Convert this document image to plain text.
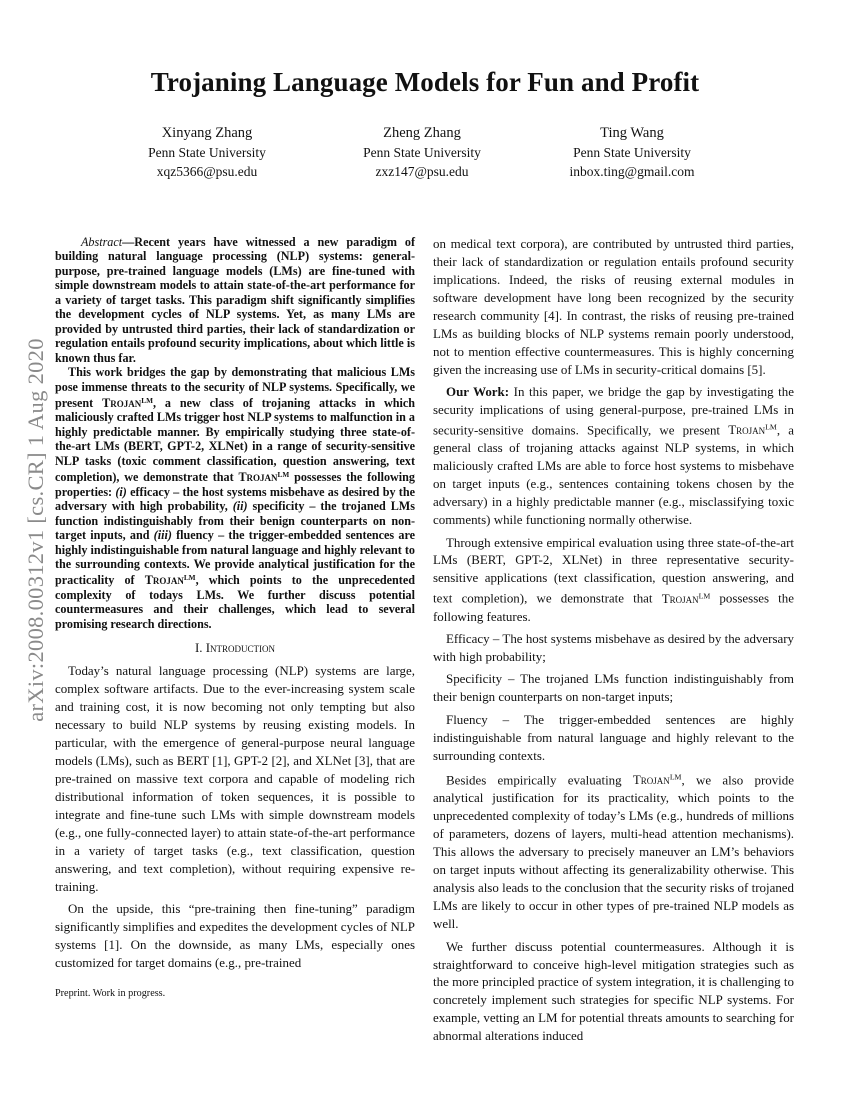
arXiv:2008.00312v1 [cs.CR] 1 Aug 2020
Trojaning Language Models for Fun and Profit
Xinyang Zhang
Penn State University
xqz5366@psu.edu
Zheng Zhang
Penn State University
zxz147@psu.edu
Ting Wang
Penn State University
inbox.ting@gmail.com

Abstract—Recent years have witnessed a new paradigm of building natural language processing (NLP) systems: general-purpose, pre-trained language models (LMs) are fine-tuned with simple downstream models to attain state-of-the-art performance for a variety of target tasks. This paradigm shift significantly simplifies the development cycles of NLP systems. Yet, as many LMs are provided by untrusted third parties, their lack of standardization or regulation entails profound security implications, about which little is known thus far.

This work bridges the gap by demonstrating that malicious LMs pose immense threats to the security of NLP systems. Specifically, we present Trojan$^{LM}$, a new class of trojaning attacks in which maliciously crafted LMs trigger host NLP systems to malfunction in a highly predictable manner. By empirically studying three state-of-the-art LMs (BERT, GPT-2, XLNet) in a range of security-sensitive NLP tasks (toxic comment classification, question answering, text completion), we demonstrate that Trojan$^{LM}$ possesses the following properties: (i) efficacy – the host systems misbehave as desired by the adversary with high probability, (ii) specificity – the trojaned LMs function indistinguishably from their benign counterparts on non-target inputs, and (iii) fluency – the trigger-embedded sentences are highly indistinguishable from natural language and highly relevant to the surrounding contexts. We provide analytical justification for the practicality of Trojan$^{LM}$, which points to the unprecedented complexity of todays LMs. We further discuss potential countermeasures and their challenges, which lead to several promising research directions.

I. Introduction

Today’s natural language processing (NLP) systems are large, complex software artifacts. Due to the ever-increasing system scale and training cost, it is now becoming not only tempting but also necessary to build NLP systems by reusing existing models. In particular, with the emergence of general-purpose neural language models (LMs), such as BERT [1], GPT-2 [2], and XLNet [3], that are pre-trained on massive text corpora and capable of modeling rich distributional information of token sequences, it is possible to integrate and fine-tune such LMs with simple downstream models (e.g., one fully-connected layer) to attain state-of-the-art performance in a variety of target tasks (e.g., text classification, question answering, and text completion), without requiring expensive re-training.

On the upside, this “pre-training then fine-tuning” paradigm significantly simplifies and expedites the development cycles of NLP systems [1]. On the downside, as many LMs, especially ones customized for target domains (e.g., pre-trained

on medical text corpora), are contributed by untrusted third parties, their lack of standardization or regulation entails profound security implications. Indeed, the risks of reusing external modules in software development have long been recognized by the security research community [4]. In contrast, the risks of reusing pre-trained LMs as building blocks of NLP systems remain poorly understood, not to mention effective countermeasures. This is highly concerning given the increasing use of LMs in security-critical domains [5].

Our Work: In this paper, we bridge the gap by investigating the security implications of using general-purpose, pre-trained LMs in security-sensitive domains. Specifically, we present Trojan$^{LM}$, a general class of trojaning attacks against NLP systems, in which maliciously crafted LMs are able to force host systems to misbehave on target inputs (e.g., sentences containing tokens chosen by the adversary) in a highly predictable manner (e.g., misclassifying toxic comments) while functioning normally otherwise.

Through extensive empirical evaluation using three state-of-the-art LMs (BERT, GPT-2, XLNet) in three representative security-sensitive applications (text classification, question answering, and text completion), we demonstrate that Trojan$^{LM}$ possesses the following features.

Efficacy – The host systems misbehave as desired by the adversary with high probability;

Specificity – The trojaned LMs function indistinguishably from their benign counterparts on non-target inputs;

Fluency – The trigger-embedded sentences are highly indistinguishable from natural language and highly relevant to the surrounding contexts.

Besides empirically evaluating Trojan$^{LM}$, we also provide analytical justification for its practicality, which points to the unprecedented complexity of today’s LMs (e.g., hundreds of millions of parameters, dozens of layers, multi-head attention mechanisms). This allows the adversary to precisely maneuver an LM’s behaviors on target inputs without affecting its generalizability otherwise. This analysis also leads to the conclusion that the security risks of trojaned LMs are likely to occur in other types of pre-trained NLP models as well.

We further discuss potential countermeasures. Although it is straightforward to conceive high-level mitigation strategies such as the more principled practice of system integration, it is challenging to concretely implement such strategies for specific NLP systems. For example, vetting an LM for potential threats amounts to searching for abnormal alterations induced

Preprint. Work in progress.
